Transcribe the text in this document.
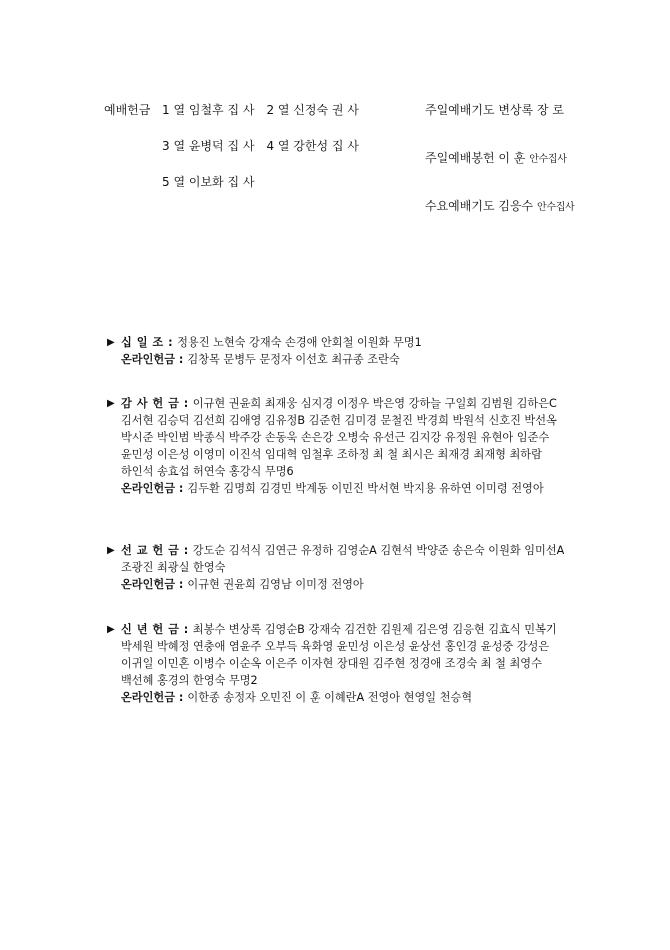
예배헌금 1 열 임철후 집 사 2 열 신정숙 권 사
3 열 윤병덕 집 사 4 열 강한성 집 사
5 열 이보화 집 사
주일예배기도 변상록 장 로
주일예배봉헌 이 훈 안수집사
수요예배기도 김응수 안수집사
▶ 십 일 조 : 정용진 노현숙 강재숙 손경애 안회철 이원화 무명1
온라인헌금 : 김창목 문병두 문정자 이선호 최규종 조란숙
▶ 감 사 헌 금 : 이규현 권윤희 최재웅 심지경 이정우 박은영 강하늘 구일회 김범원 김하은C
김서현 김승덕 김선희 김애영 김유정B 김준헌 김미경 문철진 박경희 박원석 신호진 박선옥
박시준 박인범 박종식 박주강 손동욱 손은강 오병숙 유선근 김지강 유정원 유현아 임준수
윤민성 이은성 이영미 이진석 임대혁 임철후 조하정 최 철 최시은 최재경 최재형 최하람
하인석 송효섭 허연숙 홍강식 무명6
온라인헌금 : 김두환 김명희 김경민 박계동 이민진 박서현 박지용 유하연 이미령 전영아
▶ 선 교 헌 금 : 강도순 김석식 김연근 유정하 김영순A 김현석 박양준 송은숙 이원화 임미선A
조광진 최광실 한영숙
온라인헌금 : 이규현 권윤희 김영남 이미정 전영아
▶ 신 년 헌 금 : 최봉수 변상록 김영순B 강재숙 김건한 김원제 김은영 김응현 김효식 민복기
박세원 박혜정 연충애 염윤주 오부득 육화영 윤민성 이은성 윤상선 홍인경 윤성중 강성은
이귀일 이민혼 이병수 이순옥 이은주 이자현 장대원 김주현 정경애 조경숙 최 철 최영수
백선혜 홍경의 한영숙 무명2
온라인헌금 : 이한종 송정자 오민진 이 훈 이혜란A 전영아 현영일 천승혁
